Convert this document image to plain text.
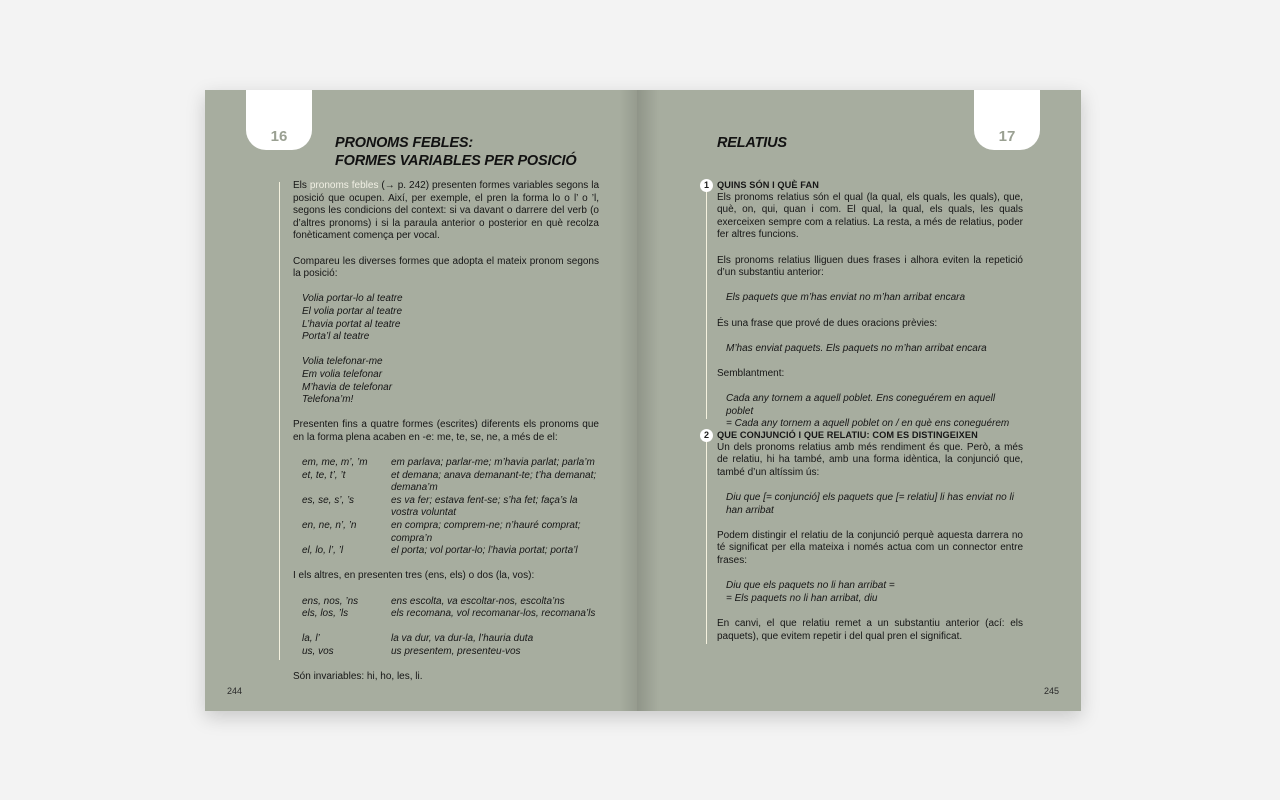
16	PRONOMS FEBLES:
FORMES VARIABLES PER POSICIÓ

Els pronoms febles (→ p. 242) presenten formes variables segons la posició que ocupen. Així, per exemple, el pren la forma lo o l’ o ’l, segons les condicions del context: si va davant o darrere del verb (o d’altres pronoms) i si la paraula anterior o posterior en què recolza fonèticament comença per vocal.

Compareu les diverses formes que adopta el mateix pronom segons la posició:

Volia portar-lo al teatre
El volia portar al teatre
L’havia portat al teatre
Porta’l al teatre
Volia telefonar-me
Em volia telefonar
M’havia de telefonar
Telefona’m!

Presenten fins a quatre formes (escrites) diferents els pronoms que en la forma plena acaben en -e: me, te, se, ne, a més de el:

em, me, m’, ’m	em parlava; parlar-me; m’havia parlat; parla’m
et, te, t’, ’t	et demana; anava demanant-te; t’ha demanat; demana’m
es, se, s’, ’s	es va fer; estava fent-se; s’ha fet; faça’s la vostra voluntat
en, ne, n’, ’n	en compra; comprem-ne; n’hauré comprat; compra’n
el, lo, l’, ’l	el porta; vol portar-lo; l’havia portat; porta’l

I els altres, en presenten tres (ens, els) o dos (la, vos):

ens, nos, ’ns	ens escolta, va escoltar-nos, escolta’ns
els, los, ’ls	els recomana, vol recomanar-los, recomana’ls
la, l’	la va dur, va dur-la, l’hauria duta
us, vos	us presentem, presenteu-vos

Són invariables: hi, ho, les, li.

244
17
RELATIUS
1
2
QUINS SÓN I QUÈ FAN

Els pronoms relatius són el qual (la qual, els quals, les quals), que, què, on, qui, quan i com. El qual, la qual, els quals, les quals exerceixen sempre com a relatius. La resta, a més de relatius, poder fer altres funcions.

Els pronoms relatius lliguen dues frases i alhora eviten la repetició d’un substantiu anterior:

Els paquets que m’has enviat no m’han arribat encara

És una frase que prové de dues oracions prèvies:

M’has enviat paquets. Els paquets no m’han arribat encara

Semblantment:

Cada any tornem a aquell poblet. Ens coneguérem en aquell poblet

= Cada any tornem a aquell poblet on / en què ens coneguérem

QUE CONJUNCIÓ I QUE RELATIU: COM ES DISTINGEIXEN

Un dels pronoms relatius amb més rendiment és que. Però, a més de relatiu, hi ha també, amb una forma idèntica, la conjunció que, també d’un altíssim ús:

Diu que [= conjunció] els paquets que [= relatiu] li has enviat no li han arribat

Podem distingir el relatiu de la conjunció perquè aquesta darrera no té significat per ella mateixa i només actua com un connector entre frases:

Diu que els paquets no li han arribat =

= Els paquets no li han arribat, diu

En canvi, el que relatiu remet a un substantiu anterior (ací: els paquets), que evitem repetir i del qual pren el significat.

245
